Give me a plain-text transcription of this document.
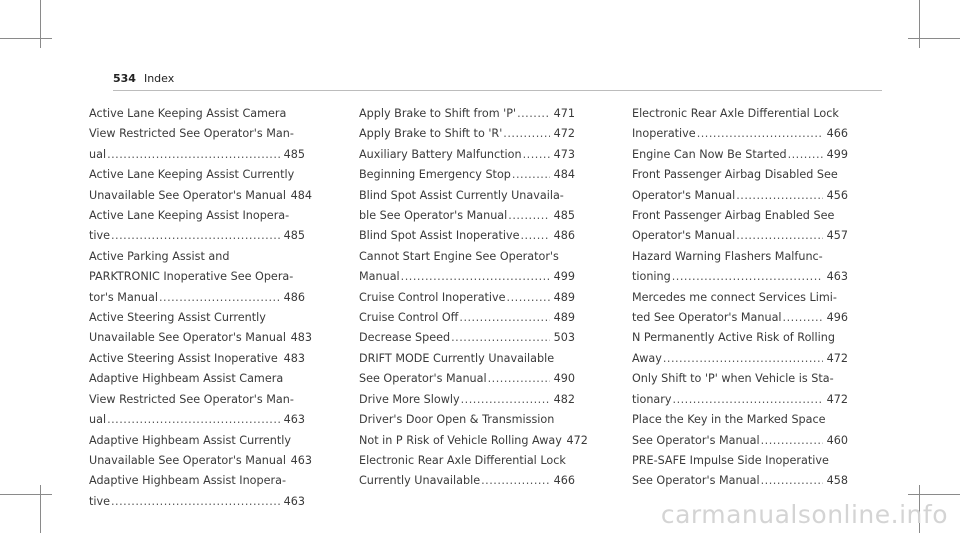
534 Index
Active Lane Keeping Assist Camera
View Restricted See Operator's Man-
ual .....	485
Active Lane Keeping Assist Currently
Unavailable See Operator's Manual 484
Active Lane Keeping Assist Inopera-
tive .....	485
Active Parking Assist and
PARKTRONIC Inoperative See Opera-
tor's Manual .....	486
Active Steering Assist Currently
Unavailable See Operator's Manual 483
Active Steering Assist Inoperative ..... 483
Adaptive Highbeam Assist Camera
View Restricted See Operator's Man-
ual .....	463
Adaptive Highbeam Assist Currently
Unavailable See Operator's Manual 463
Adaptive Highbeam Assist Inopera-
tive .....	463
Apply Brake to Shift from 'P' .....	471
Apply Brake to Shift to 'R' .....	472
Auxiliary Battery Malfunction .....	473
Beginning Emergency Stop .....	484
Blind Spot Assist Currently Unavaila-
ble See Operator's Manual .....	485
Blind Spot Assist Inoperative .....	486
Cannot Start Engine See Operator's
Manual .....	499
Cruise Control Inoperative .....	489
Cruise Control Off .....	489
Decrease Speed .....	503
DRIFT MODE Currently Unavailable
See Operator's Manual .....	490
Drive More Slowly .....	482
Driver's Door Open & Transmission
Not in P Risk of Vehicle Rolling Away 472
Electronic Rear Axle Differential Lock
Currently Unavailable .....	466
Electronic Rear Axle Differential Lock
Inoperative .....	466
Engine Can Now Be Started .....	499
Front Passenger Airbag Disabled See
Operator's Manual .....	456
Front Passenger Airbag Enabled See
Operator's Manual .....	457
Hazard Warning Flashers Malfunc-
tioning .....	463
Mercedes me connect Services Limi-
ted See Operator's Manual .....	496
N Permanently Active Risk of Rolling
Away .....	472
Only Shift to 'P' when Vehicle is Sta-
tionary .....	472
Place the Key in the Marked Space
See Operator's Manual .....	460
PRE-SAFE Impulse Side Inoperative
See Operator's Manual .....	458
carmanualsonline.info
